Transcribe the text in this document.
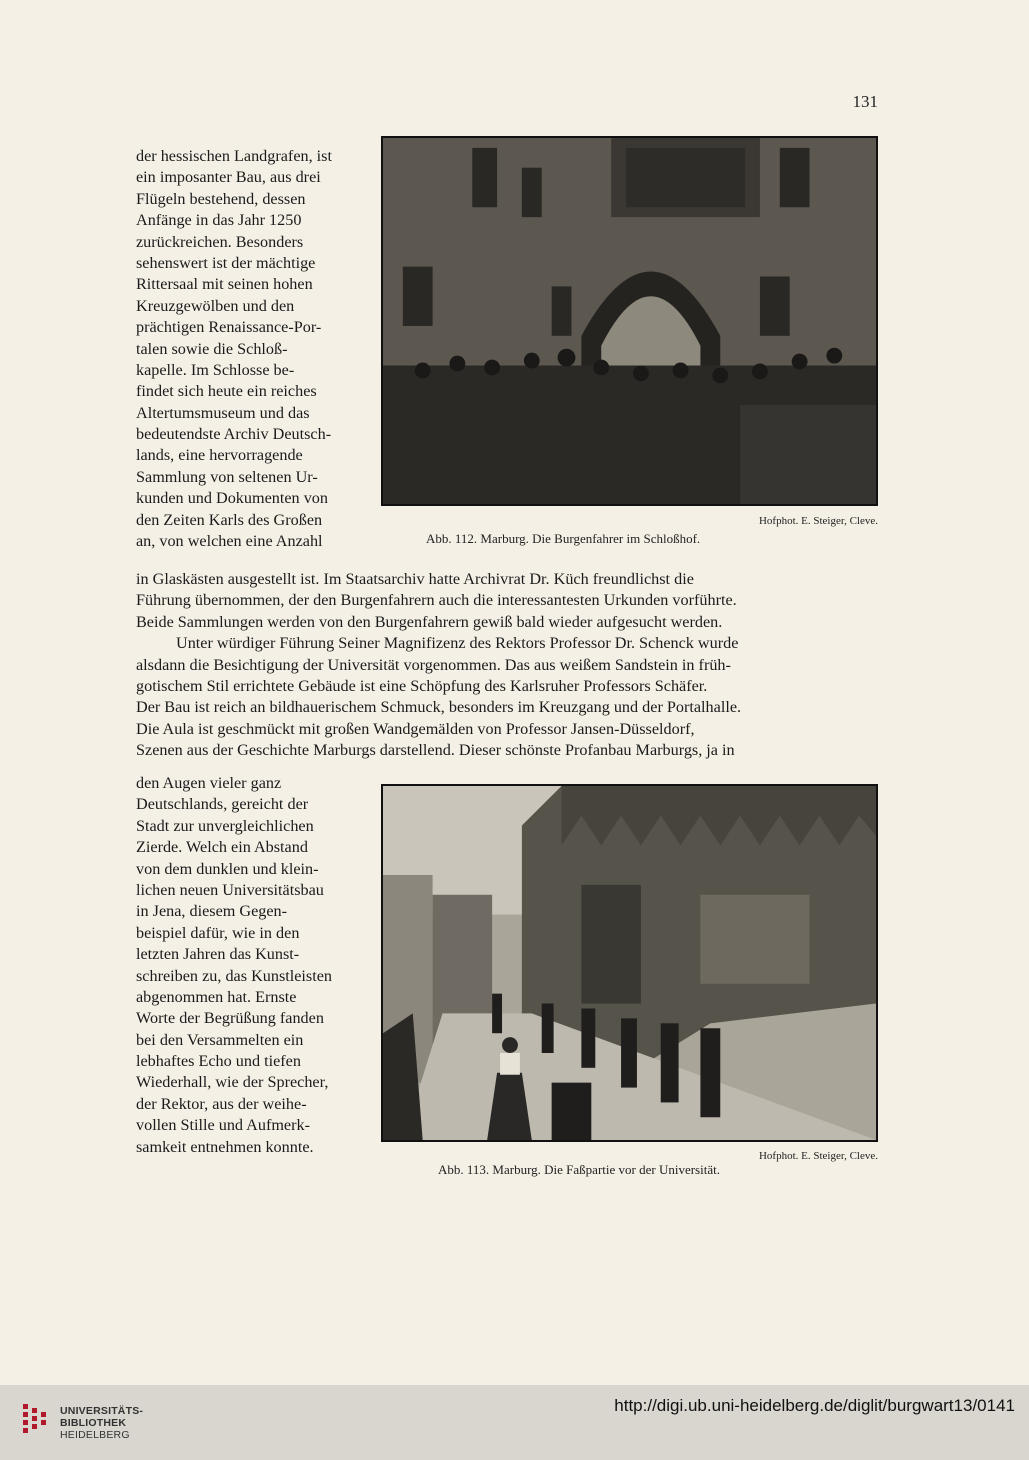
131
der hessischen Landgrafen, ist
ein imposanter Bau, aus drei
Flügeln bestehend, dessen
Anfänge in das Jahr 1250
zurückreichen. Besonders
sehenswert ist der mächtige
Rittersaal mit seinen hohen
Kreuzgewölben und den
prächtigen Renaissance-Por-
talen sowie die Schloß-
kapelle. Im Schlosse be-
findet sich heute ein reiches
Altertumsmuseum und das
bedeutendste Archiv Deutsch-
lands, eine hervorragende
Sammlung von seltenen Ur-
kunden und Dokumenten von
den Zeiten Karls des Großen
an, von welchen eine Anzahl
Hofphot. E. Steiger, Cleve.
Abb. 112. Marburg. Die Burgenfahrer im Schloßhof.
in Glaskästen ausgestellt ist. Im Staatsarchiv hatte Archivrat Dr. Küch freundlichst die
Führung übernommen, der den Burgenfahrern auch die interessantesten Urkunden vorführte.
Beide Sammlungen werden von den Burgenfahrern gewiß bald wieder aufgesucht werden.
Unter würdiger Führung Seiner Magnifizenz des Rektors Professor Dr. Schenck wurde
alsdann die Besichtigung der Universität vorgenommen. Das aus weißem Sandstein in früh-
gotischem Stil errichtete Gebäude ist eine Schöpfung des Karlsruher Professors Schäfer.
Der Bau ist reich an bildhauerischem Schmuck, besonders im Kreuzgang und der Portalhalle.
Die Aula ist geschmückt mit großen Wandgemälden von Professor Jansen-Düsseldorf,
Szenen aus der Geschichte Marburgs darstellend. Dieser schönste Profanbau Marburgs, ja in
den Augen vieler ganz
Deutschlands, gereicht der
Stadt zur unvergleichlichen
Zierde. Welch ein Abstand
von dem dunklen und klein-
lichen neuen Universitätsbau
in Jena, diesem Gegen-
beispiel dafür, wie in den
letzten Jahren das Kunst-
schreiben zu, das Kunstleisten
abgenommen hat. Ernste
Worte der Begrüßung fanden
bei den Versammelten ein
lebhaftes Echo und tiefen
Wiederhall, wie der Sprecher,
der Rektor, aus der weihe-
vollen Stille und Aufmerk-
samkeit entnehmen konnte.
Hofphot. E. Steiger, Cleve.
Abb. 113. Marburg. Die Faßpartie vor der Universität.
UNIVERSITÄTS-
BIBLIOTHEK
HEIDELBERG
http://digi.ub.uni-heidelberg.de/diglit/burgwart13/0141
